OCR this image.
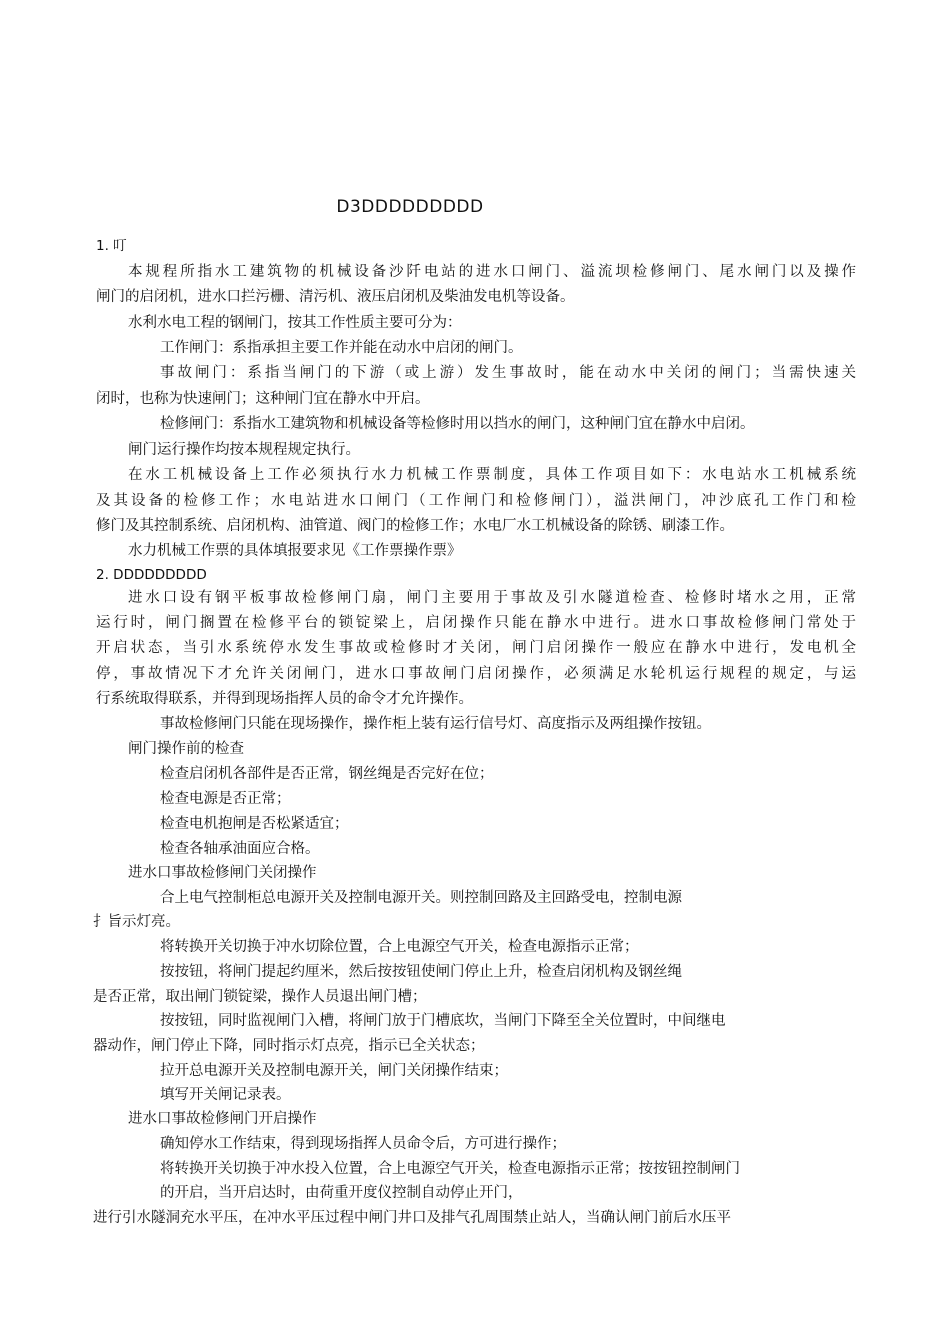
D3DDDDDDDDD
1. 叮
本规程所指水工建筑物的机械设备沙阡电站的进水口闸门、溢流坝检修闸门、尾水闸门以及操作
闸门的启闭机，进水口拦污栅、清污机、液压启闭机及柴油发电机等设备。
水利水电工程的钢闸门，按其工作性质主要可分为：
工作闸门：系指承担主要工作并能在动水中启闭的闸门。
事故闸门：系指当闸门的下游（或上游）发生事故时，能在动水中关闭的闸门；当需快速关
闭时，也称为快速闸门；这种闸门宜在静水中开启。
检修闸门：系指水工建筑物和机械设备等检修时用以挡水的闸门，这种闸门宜在静水中启闭。
闸门运行操作均按本规程规定执行。
在水工机械设备上工作必须执行水力机械工作票制度，具体工作项目如下：水电站水工机械系统
及其设备的检修工作；水电站进水口闸门（工作闸门和检修闸门），溢洪闸门，冲沙底孔工作门和检
修门及其控制系统、启闭机构、油管道、阀门的检修工作；水电厂水工机械设备的除锈、刷漆工作。
水力机械工作票的具体填报要求见《工作票操作票》
2. DDDDDDDDD
进水口设有钢平板事故检修闸门扇，闸门主要用于事故及引水隧道检查、检修时堵水之用，正常
运行时，闸门搁置在检修平台的锁锭梁上，启闭操作只能在静水中进行。进水口事故检修闸门常处于
开启状态，当引水系统停水发生事故或检修时才关闭，闸门启闭操作一般应在静水中进行，发电机全
停，事故情况下才允许关闭闸门，进水口事故闸门启闭操作，必须满足水轮机运行规程的规定，与运
行系统取得联系，并得到现场指挥人员的命令才允许操作。
事故检修闸门只能在现场操作，操作柜上装有运行信号灯、高度指示及两组操作按钮。
闸门操作前的检查
检查启闭机各部件是否正常，钢丝绳是否完好在位；
检查电源是否正常；
检查电机抱闸是否松紧适宜；
检查各轴承油面应合格。
进水口事故检修闸门关闭操作
合上电气控制柜总电源开关及控制电源开关。则控制回路及主回路受电，控制电源
扌旨示灯亮。
将转换开关切换于冲水切除位置，合上电源空气开关，检查电源指示正常；
按按钮，将闸门提起约厘米，然后按按钮使闸门停止上升，检查启闭机构及钢丝绳
是否正常，取出闸门锁锭梁，操作人员退出闸门槽；
按按钮，同时监视闸门入槽，将闸门放于门槽底坎，当闸门下降至全关位置时，中间继电
器动作，闸门停止下降，同时指示灯点亮，指示已全关状态；
拉开总电源开关及控制电源开关，闸门关闭操作结束；
填写开关闸记录表。
进水口事故检修闸门开启操作
确知停水工作结束，得到现场指挥人员命令后，方可进行操作；
将转换开关切换于冲水投入位置，合上电源空气开关，检查电源指示正常；按按钮控制闸门
的开启，当开启达时，由荷重开度仪控制自动停止开门，
进行引水隧洞充水平压，在冲水平压过程中闸门井口及排气孔周围禁止站人，当确认闸门前后水压平
